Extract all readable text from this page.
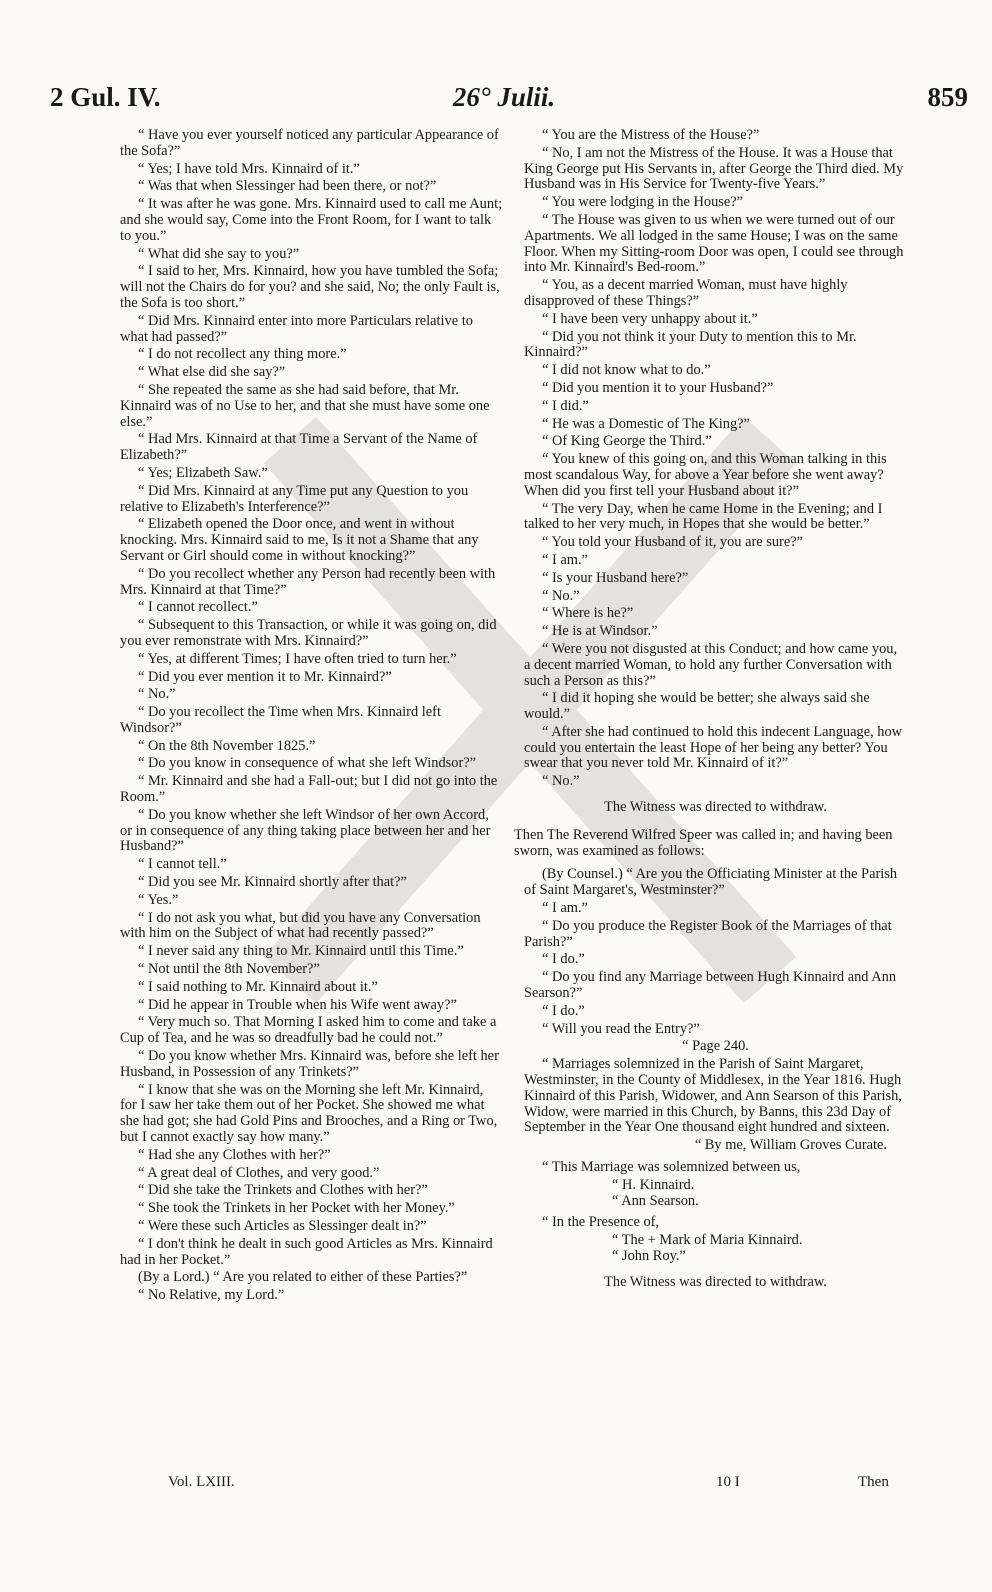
2 Gul. IV.	26° Julii.	859

“ Have you ever yourself noticed any particular Appearance of the Sofa?”

“ Yes; I have told Mrs. Kinnaird of it.”

“ Was that when Slessinger had been there, or not?”

“ It was after he was gone. Mrs. Kinnaird used to call me Aunt; and she would say, Come into the Front Room, for I want to talk to you.”

“ What did she say to you?”

“ I said to her, Mrs. Kinnaird, how you have tumbled the Sofa; will not the Chairs do for you? and she said, No; the only Fault is, the Sofa is too short.”

“ Did Mrs. Kinnaird enter into more Particulars relative to what had passed?”

“ I do not recollect any thing more.”

“ What else did she say?”

“ She repeated the same as she had said before, that Mr. Kinnaird was of no Use to her, and that she must have some one else.”

“ Had Mrs. Kinnaird at that Time a Servant of the Name of Elizabeth?”

“ Yes; Elizabeth Saw.”

“ Did Mrs. Kinnaird at any Time put any Question to you relative to Elizabeth's Interference?”

“ Elizabeth opened the Door once, and went in without knocking. Mrs. Kinnaird said to me, Is it not a Shame that any Servant or Girl should come in without knocking?”

“ Do you recollect whether any Person had recently been with Mrs. Kinnaird at that Time?”

“ I cannot recollect.”

“ Subsequent to this Transaction, or while it was going on, did you ever remonstrate with Mrs. Kinnaird?”

“ Yes, at different Times; I have often tried to turn her.”

“ Did you ever mention it to Mr. Kinnaird?”

“ No.”

“ Do you recollect the Time when Mrs. Kinnaird left Windsor?”

“ On the 8th November 1825.”

“ Do you know in consequence of what she left Windsor?”

“ Mr. Kinnaird and she had a Fall-out; but I did not go into the Room.”

“ Do you know whether she left Windsor of her own Accord, or in consequence of any thing taking place between her and her Husband?”

“ I cannot tell.”

“ Did you see Mr. Kinnaird shortly after that?”

“ Yes.”

“ I do not ask you what, but did you have any Conversation with him on the Subject of what had recently passed?”

“ I never said any thing to Mr. Kinnaird until this Time.”

“ Not until the 8th November?”

“ I said nothing to Mr. Kinnaird about it.”

“ Did he appear in Trouble when his Wife went away?”

“ Very much so. That Morning I asked him to come and take a Cup of Tea, and he was so dreadfully bad he could not.”

“ Do you know whether Mrs. Kinnaird was, before she left her Husband, in Possession of any Trinkets?”

“ I know that she was on the Morning she left Mr. Kinnaird, for I saw her take them out of her Pocket. She showed me what she had got; she had Gold Pins and Brooches, and a Ring or Two, but I cannot exactly say how many.”

“ Had she any Clothes with her?”

“ A great deal of Clothes, and very good.”

“ Did she take the Trinkets and Clothes with her?”

“ She took the Trinkets in her Pocket with her Money.”

“ Were these such Articles as Slessinger dealt in?”

“ I don't think he dealt in such good Articles as Mrs. Kinnaird had in her Pocket.”

(By a Lord.) “ Are you related to either of these Parties?”

“ No Relative, my Lord.”

“ You are the Mistress of the House?”

“ No, I am not the Mistress of the House. It was a House that King George put His Servants in, after George the Third died. My Husband was in His Service for Twenty-five Years.”

“ You were lodging in the House?”

“ The House was given to us when we were turned out of our Apartments. We all lodged in the same House; I was on the same Floor. When my Sitting-room Door was open, I could see through into Mr. Kinnaird's Bed-room.”

“ You, as a decent married Woman, must have highly disapproved of these Things?”

“ I have been very unhappy about it.”

“ Did you not think it your Duty to mention this to Mr. Kinnaird?”

“ I did not know what to do.”

“ Did you mention it to your Husband?”

“ I did.”

“ He was a Domestic of The King?”

“ Of King George the Third.”

“ You knew of this going on, and this Woman talking in this most scandalous Way, for above a Year before she went away? When did you first tell your Husband about it?”

“ The very Day, when he came Home in the Evening; and I talked to her very much, in Hopes that she would be better.”

“ You told your Husband of it, you are sure?”

“ I am.”

“ Is your Husband here?”

“ No.”

“ Where is he?”

“ He is at Windsor.”

“ Were you not disgusted at this Conduct; and how came you, a decent married Woman, to hold any further Conversation with such a Person as this?”

“ I did it hoping she would be better; she always said she would.”

“ After she had continued to hold this indecent Language, how could you entertain the least Hope of her being any better? You swear that you never told Mr. Kinnaird of it?”

“ No.”

The Witness was directed to withdraw.

Then The Reverend Wilfred Speer was called in; and having been sworn, was examined as follows:

(By Counsel.) “ Are you the Officiating Minister at the Parish of Saint Margaret's, Westminster?”

“ I am.”

“ Do you produce the Register Book of the Marriages of that Parish?”

“ I do.”

“ Do you find any Marriage between Hugh Kinnaird and Ann Searson?”

“ I do.”

“ Will you read the Entry?”

“ Page 240.

“ Marriages solemnized in the Parish of Saint Margaret, Westminster, in the County of Middlesex, in the Year 1816. Hugh Kinnaird of this Parish, Widower, and Ann Searson of this Parish, Widow, were married in this Church, by Banns, this 23d Day of September in the Year One thousand eight hundred and sixteen.

“ By me, William Groves Curate.

“ This Marriage was solemnized between us,

“ H. Kinnaird.

“ Ann Searson.

“ In the Presence of,

“ The + Mark of Maria Kinnaird.

“ John Roy.”

The Witness was directed to withdraw.

Vol. LXIII.	10 I	Then
